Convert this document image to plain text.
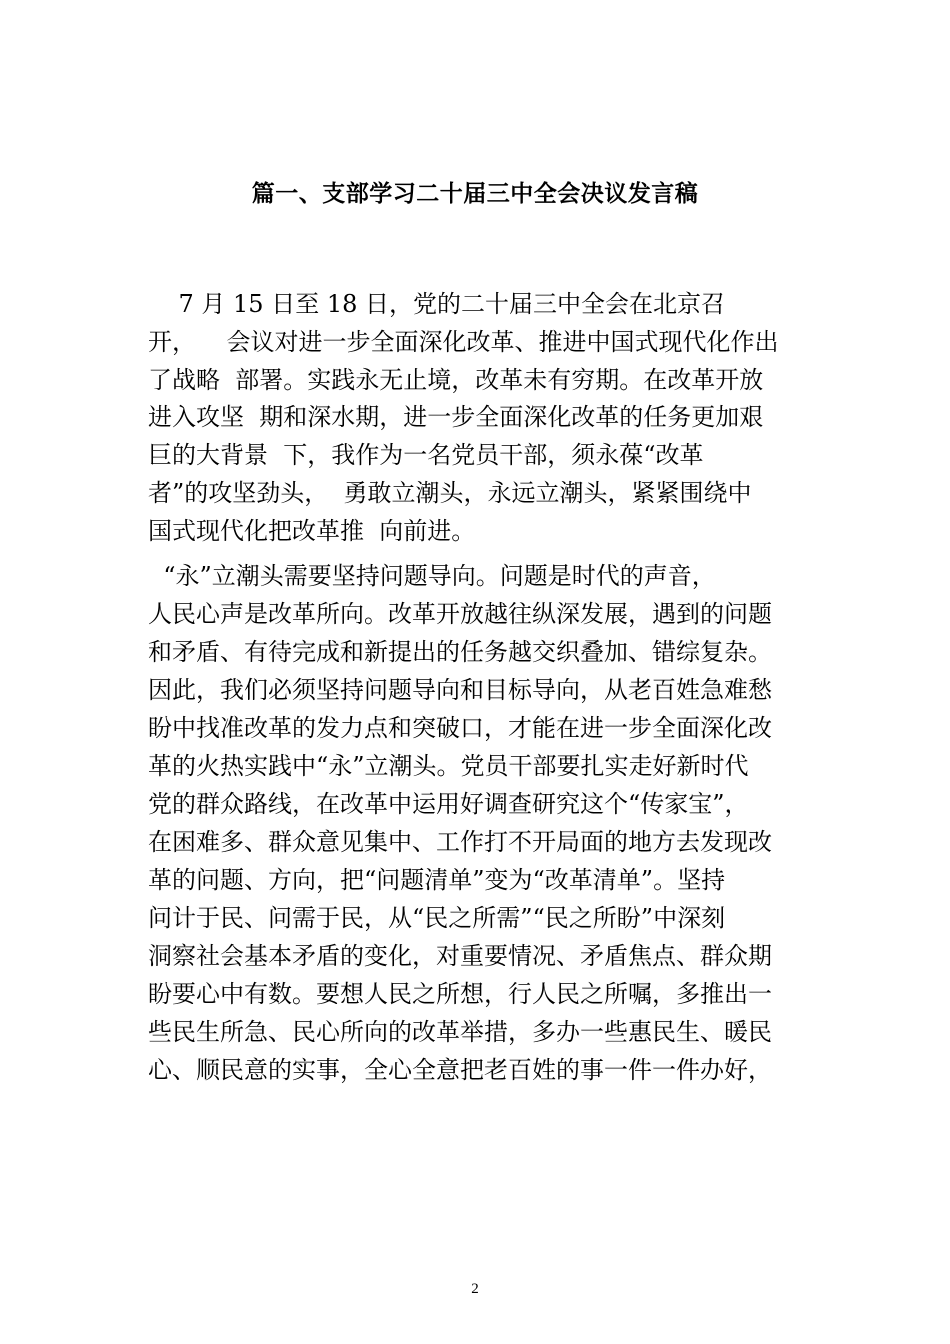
篇一、支部学习二十届三中全会决议发言稿

7 月 15 日至 18 日，党的二十届三中全会在北京召

开，    会议对进一步全面深化改革、推进中国式现代化作出

了战略  部署。实践永无止境，改革未有穷期。在改革开放

进入攻坚  期和深水期，进一步全面深化改革的任务更加艰

巨的大背景  下，我作为一名党员干部，须永葆“改革

者”的攻坚劲头，  勇敢立潮头，永远立潮头，紧紧围绕中

国式现代化把改革推  向前进。

“永”立潮头需要坚持问题导向。问题是时代的声音，

人民心声是改革所向。改革开放越往纵深发展，遇到的问题

和矛盾、有待完成和新提出的任务越交织叠加、错综复杂。

因此，我们必须坚持问题导向和目标导向，从老百姓急难愁

盼中找准改革的发力点和突破口，才能在进一步全面深化改

革的火热实践中“永”立潮头。党员干部要扎实走好新时代

党的群众路线，在改革中运用好调查研究这个“传家宝”，

在困难多、群众意见集中、工作打不开局面的地方去发现改

革的问题、方向，把“问题清单”变为“改革清单”。坚持

问计于民、问需于民，从“民之所需”“民之所盼”中深刻

洞察社会基本矛盾的变化，对重要情况、矛盾焦点、群众期

盼要心中有数。要想人民之所想，行人民之所嘱，多推出一

些民生所急、民心所向的改革举措，多办一些惠民生、暖民

心、顺民意的实事，全心全意把老百姓的事一件一件办好，

2
